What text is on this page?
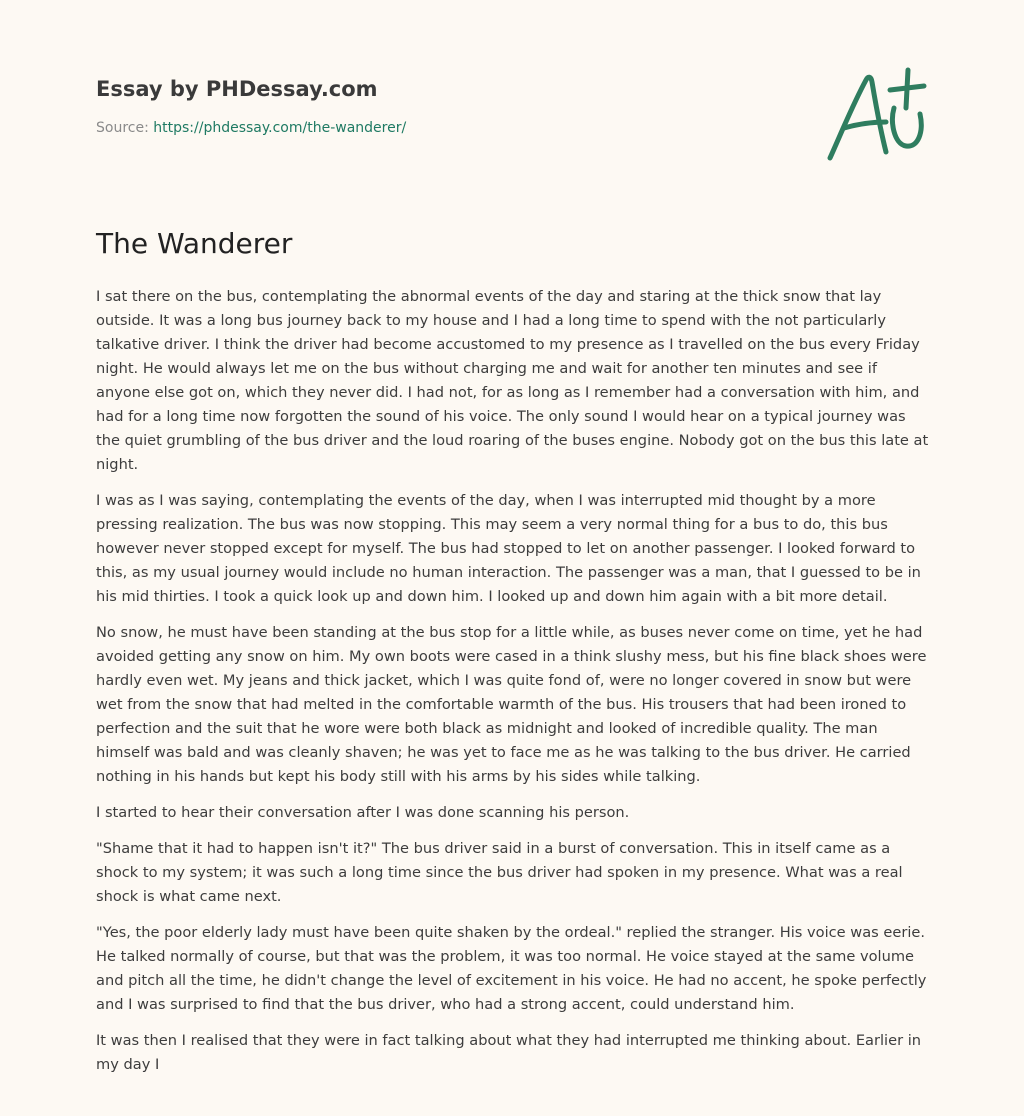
Essay by PHDessay.com
Source: https://phdessay.com/the-wanderer/
The Wanderer

I sat there on the bus, contemplating the abnormal events of the day and staring at the thick snow that lay outside. It was a long bus journey back to my house and I had a long time to spend with the not particularly talkative driver. I think the driver had become accustomed to my presence as I travelled on the bus every Friday night. He would always let me on the bus without charging me and wait for another ten minutes and see if anyone else got on, which they never did. I had not, for as long as I remember had a conversation with him, and had for a long time now forgotten the sound of his voice. The only sound I would hear on a typical journey was the quiet grumbling of the bus driver and the loud roaring of the buses engine. Nobody got on the bus this late at night.

I was as I was saying, contemplating the events of the day, when I was interrupted mid thought by a more pressing realization. The bus was now stopping. This may seem a very normal thing for a bus to do, this bus however never stopped except for myself. The bus had stopped to let on another passenger. I looked forward to this, as my usual journey would include no human interaction. The passenger was a man, that I guessed to be in his mid thirties. I took a quick look up and down him. I looked up and down him again with a bit more detail.

No snow, he must have been standing at the bus stop for a little while, as buses never come on time, yet he had avoided getting any snow on him. My own boots were cased in a think slushy mess, but his fine black shoes were hardly even wet. My jeans and thick jacket, which I was quite fond of, were no longer covered in snow but were wet from the snow that had melted in the comfortable warmth of the bus. His trousers that had been ironed to perfection and the suit that he wore were both black as midnight and looked of incredible quality. The man himself was bald and was cleanly shaven; he was yet to face me as he was talking to the bus driver. He carried nothing in his hands but kept his body still with his arms by his sides while talking.

I started to hear their conversation after I was done scanning his person.

"Shame that it had to happen isn't it?" The bus driver said in a burst of conversation. This in itself came as a shock to my system; it was such a long time since the bus driver had spoken in my presence. What was a real shock is what came next.

"Yes, the poor elderly lady must have been quite shaken by the ordeal." replied the stranger. His voice was eerie. He talked normally of course, but that was the problem, it was too normal. He voice stayed at the same volume and pitch all the time, he didn't change the level of excitement in his voice. He had no accent, he spoke perfectly and I was surprised to find that the bus driver, who had a strong accent, could understand him.

It was then I realised that they were in fact talking about what they had interrupted me thinking about. Earlier in my day I
